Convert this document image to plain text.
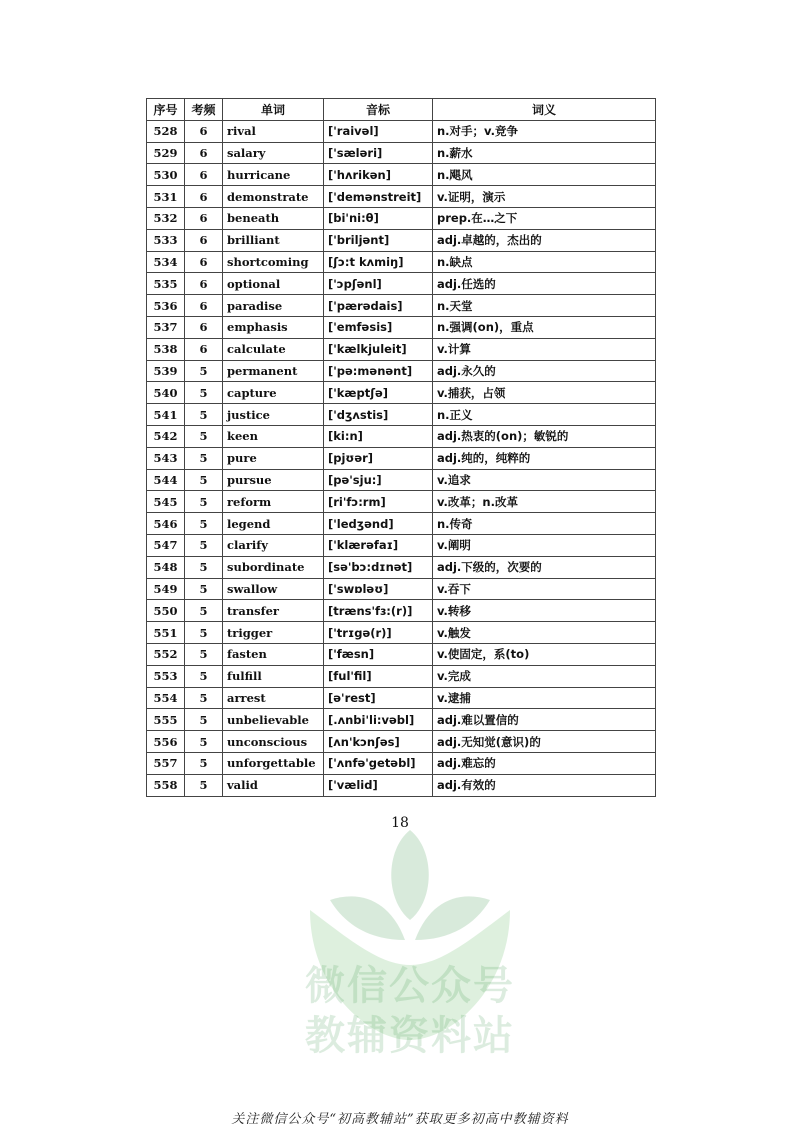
微信公众号
教辅资料站
序号	考频	单词	音标	词义
528	6	rival	['raivəl]	n.对手；v.竞争
529	6	salary	['sæləri]	n.薪水
530	6	hurricane	['hʌrikən]	n.飓风
531	6	demonstrate	['demənstreit]	v.证明，演示
532	6	beneath	[bi'ni:θ]	prep.在…之下
533	6	brilliant	['briljənt]	adj.卓越的，杰出的
534	6	shortcoming	[ʃɔ:t kʌmiŋ]	n.缺点
535	6	optional	['ɔpʃənl]	adj.任选的
536	6	paradise	['pærədais]	n.天堂
537	6	emphasis	['emfəsis]	n.强调(on)，重点
538	6	calculate	['kælkjuleit]	v.计算
539	5	permanent	['pə:mənənt]	adj.永久的
540	5	capture	['kæptʃə]	v.捕获，占领
541	5	justice	['dʒʌstis]	n.正义
542	5	keen	[ki:n]	adj.热衷的(on)；敏锐的
543	5	pure	[pjʊər]	adj.纯的，纯粹的
544	5	pursue	[pə'sju:]	v.追求
545	5	reform	[ri'fɔ:rm]	v.改革；n.改革
546	5	legend	['ledʒənd]	n.传奇
547	5	clarify	['klærəfaɪ]	v.阐明
548	5	subordinate	[sə'bɔ:dɪnət]	adj.下级的，次要的
549	5	swallow	['swɒləʊ]	v.吞下
550	5	transfer	[træns'fɜ:(r)]	v.转移
551	5	trigger	['trɪgə(r)]	v.触发
552	5	fasten	['fæsn]	v.使固定，系(to)
553	5	fulfill	[ful'fil]	v.完成
554	5	arrest	[ə'rest]	v.逮捕
555	5	unbelievable	[.ʌnbi'li:vəbl]	adj.难以置信的
556	5	unconscious	[ʌn'kɔnʃəs]	adj.无知觉(意识)的
557	5	unforgettable	['ʌnfə'getəbl]	adj.难忘的
558	5	valid	['vælid]	adj.有效的
18
关注微信公众号“初高教辅站”获取更多初高中教辅资料
